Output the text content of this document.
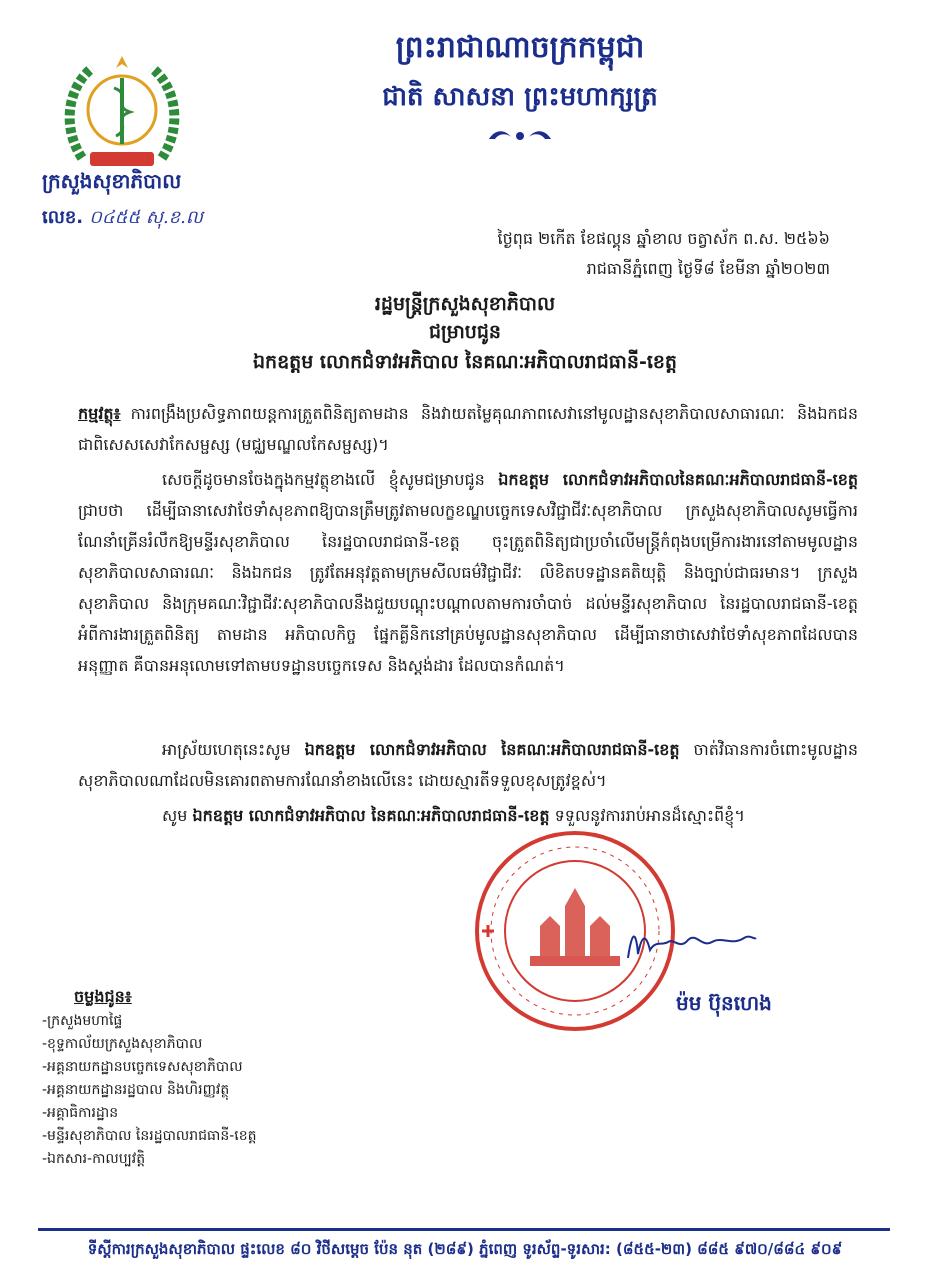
ព្រះរាជាណាចក្រកម្ពុជា
ជាតិ សាសនា ព្រះមហាក្សត្រ
ក្រសួងសុខាភិបាល
លេខ. ០៤៥៥ សុ.ខ.ល
ថ្ងៃពុធ ២កើត ខែផល្គុន ឆ្នាំខាល ចត្វាស័ក ព.ស. ២៥៦៦
រាជធានីភ្នំពេញ ថ្ងៃទី៨ ខែមីនា ឆ្នាំ២០២៣
រដ្ឋមន្ត្រីក្រសួងសុខាភិបាល
ជម្រាបជូន
ឯកឧត្តម លោកជំទាវអភិបាល នៃគណៈអភិបាលរាជធានី-ខេត្ត
កម្មវត្ថុ៖ ការពង្រឹងប្រសិទ្ធភាពយន្តការត្រួតពិនិត្យតាមដាន និងវាយតម្លៃគុណភាពសេវានៅមូលដ្ឋានសុខាភិបាលសាធារណៈ និងឯកជន ជាពិសេសសេវាកែសម្ផស្ស (មជ្ឈមណ្ឌលកែសម្ផស្ស)។
សេចក្តីដូចមានចែងក្នុងកម្មវត្ថុខាងលើ ខ្ញុំសូមជម្រាបជូន ឯកឧត្តម លោកជំទាវអភិបាលនៃគណៈអភិបាលរាជធានី-ខេត្ត ជ្រាបថា ដើម្បីធានាសេវាថែទាំសុខភាពឱ្យបានត្រឹមត្រូវតាមលក្ខខណ្ឌបច្ចេកទេសវិជ្ជាជីវៈសុខាភិបាល ក្រសួងសុខាភិបាលសូមធ្វើការណែនាំគ្រើនរំលឹកឱ្យមន្ទីរសុខាភិបាល នៃរដ្ឋបាលរាជធានី-ខេត្ត ចុះត្រួតពិនិត្យជាប្រចាំលើមន្ត្រីកំពុងបម្រើការងារនៅតាមមូលដ្ឋានសុខាភិបាលសាធារណៈ និងឯកជន ត្រូវតែអនុវត្តតាមក្រមសីលធម៌វិជ្ជាជីវៈ លិខិតបទដ្ឋានគតិយុត្តិ និងច្បាប់ជាធរមាន។ ក្រសួងសុខាភិបាល និងក្រុមគណៈវិជ្ជាជីវៈសុខាភិបាលនឹងជួយបណ្តុះបណ្តាលតាមការចាំបាច់ ដល់មន្ទីរសុខាភិបាល នៃរដ្ឋបាលរាជធានី-ខេត្ត អំពីការងារត្រួតពិនិត្យ តាមដាន អភិបាលកិច្ច ផ្នែកគ្លីនិកនៅគ្រប់មូលដ្ឋានសុខាភិបាល ដើម្បីធានាថាសេវាថែទាំសុខភាពដែលបានអនុញ្ញាត គឺបានអនុលោមទៅតាមបទដ្ឋានបច្ចេកទេស និងស្តង់ដារ ដែលបានកំណត់។
អាស្រ័យហេតុនេះសូម ឯកឧត្តម លោកជំទាវអភិបាល នៃគណៈអភិបាលរាជធានី-ខេត្ត ចាត់វិធានការចំពោះមូលដ្ឋានសុខាភិបាលណាដែលមិនគោរពតាមការណែនាំខាងលើនេះ ដោយស្មារតីទទួលខុសត្រូវខ្ពស់។
សូម ឯកឧត្តម លោកជំទាវអភិបាល នៃគណៈអភិបាលរាជធានី-ខេត្ត ទទួលនូវការរាប់អានដ៏ស្មោះពីខ្ញុំ។
ម៉ម ប៊ុនហេង
ចម្លងជូន៖
-ក្រសួងមហាផ្ទៃ
-ខុទ្ទកាល័យក្រសួងសុខាភិបាល
-អគ្គនាយកដ្ឋានបច្ចេកទេសសុខាភិបាល
-អគ្គនាយកដ្ឋានរដ្ឋបាល និងហិរញ្ញវត្ថុ
-អគ្គាធិការដ្ឋាន
-មន្ទីរសុខាភិបាល នៃរដ្ឋបាលរាជធានី-ខេត្ត
-ឯកសារ-កាលប្បវត្តិ
ទីស្តីការក្រសួងសុខាភិបាល ផ្ទះលេខ ៨០ វិថីសម្តេច ប៉ែន នុត (២៨៩) ភ្នំពេញ ទូរស័ព្ទ-ទូរសារ: (៨៥៥-២៣) ៨៨៥ ៩៧០/៨៨៤ ៩០៩
